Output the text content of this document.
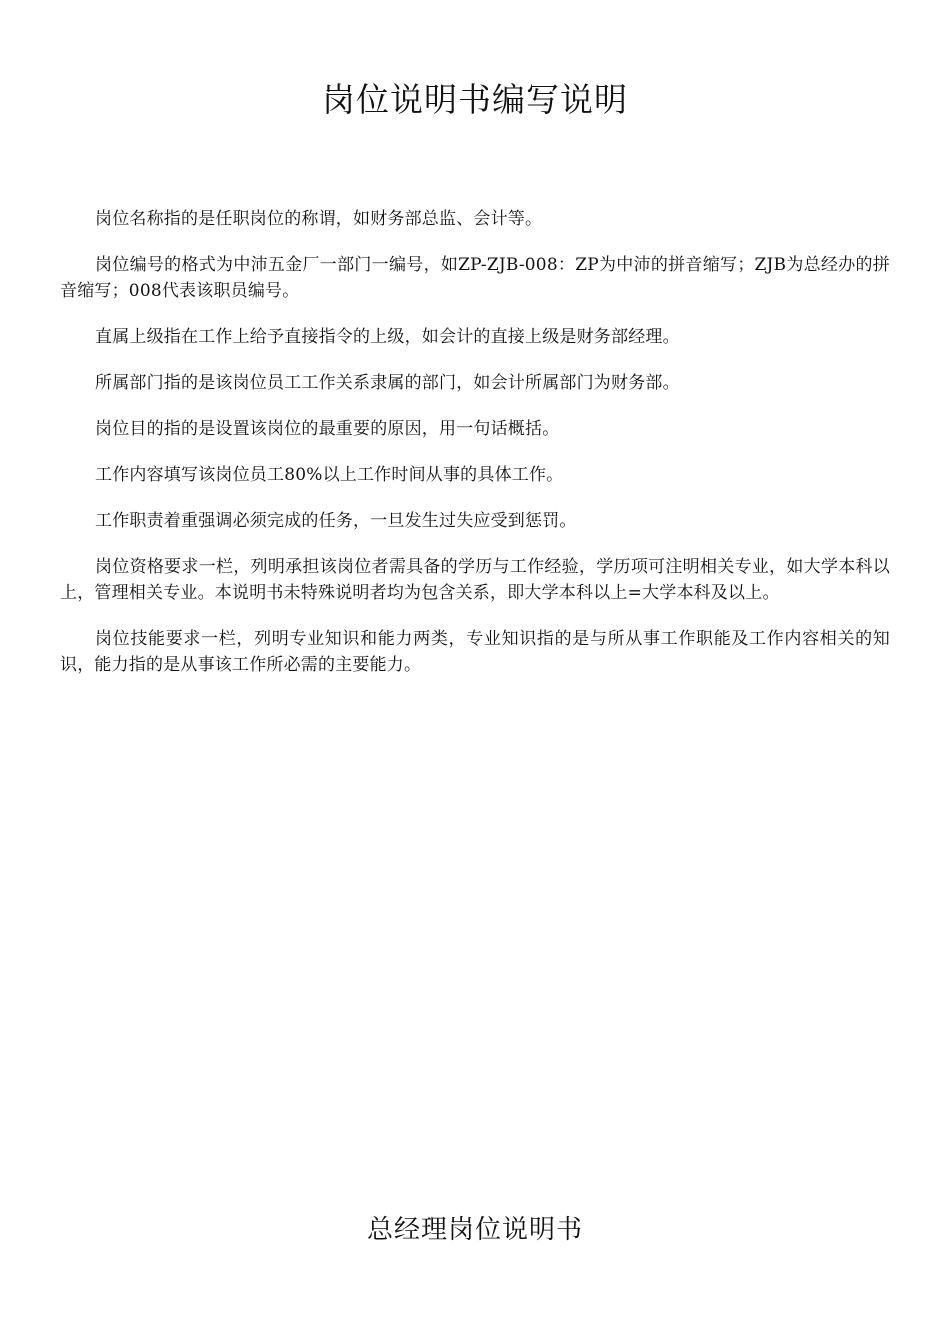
岗位说明书编写说明

岗位名称指的是任职岗位的称谓，如财务部总监、会计等。

岗位编号的格式为中沛五金厂一部门一编号，如ZP-ZJB-008：ZP为中沛的拼音缩写；ZJB为总经办的拼音缩写；008代表该职员编号。

直属上级指在工作上给予直接指令的上级，如会计的直接上级是财务部经理。

所属部门指的是该岗位员工工作关系隶属的部门，如会计所属部门为财务部。

岗位目的指的是设置该岗位的最重要的原因，用一句话概括。

工作内容填写该岗位员工80%以上工作时间从事的具体工作。

工作职责着重强调必须完成的任务，一旦发生过失应受到惩罚。

岗位资格要求一栏，列明承担该岗位者需具备的学历与工作经验，学历项可注明相关专业，如大学本科以上，管理相关专业。本说明书未特殊说明者均为包含关系，即大学本科以上=大学本科及以上。

岗位技能要求一栏，列明专业知识和能力两类，专业知识指的是与所从事工作职能及工作内容相关的知识，能力指的是从事该工作所必需的主要能力。

总经理岗位说明书
